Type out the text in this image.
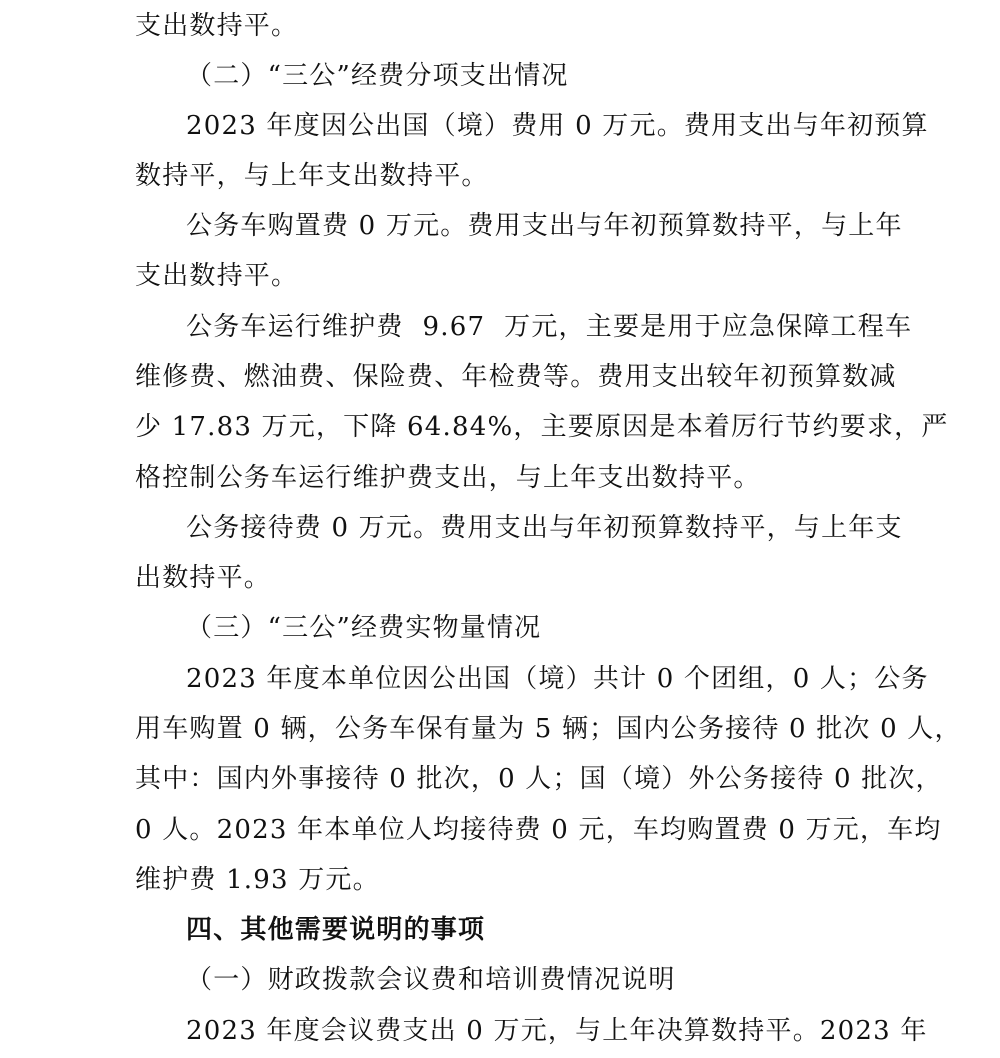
支出数持平。
（二）“三公”经费分项支出情况
2023 年度因公出国（境）费用 0 万元。费用支出与年初预算
数持平，与上年支出数持平。
公务车购置费 0 万元。费用支出与年初预算数持平，与上年
支出数持平。
公务车运行维护费  9.67  万元，主要是用于应急保障工程车
维修费、燃油费、保险费、年检费等。费用支出较年初预算数减
少 17.83 万元，下降 64.84%，主要原因是本着厉行节约要求，严
格控制公务车运行维护费支出，与上年支出数持平。
公务接待费 0 万元。费用支出与年初预算数持平，与上年支
出数持平。
（三）“三公”经费实物量情况
2023 年度本单位因公出国（境）共计 0 个团组，0 人；公务
用车购置 0 辆，公务车保有量为 5 辆；国内公务接待 0 批次 0 人，
其中：国内外事接待 0 批次，0 人；国（境）外公务接待 0 批次，
0 人。2023 年本单位人均接待费 0 元，车均购置费 0 万元，车均
维护费 1.93 万元。
四、其他需要说明的事项
（一）财政拨款会议费和培训费情况说明
2023 年度会议费支出 0 万元，与上年决算数持平。2023 年
